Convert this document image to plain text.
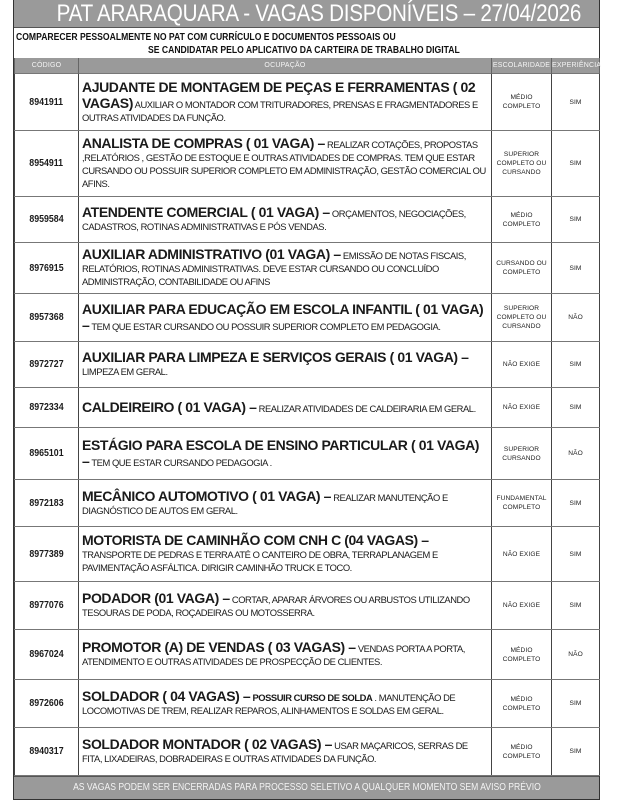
PAT ARARAQUARA - VAGAS DISPONÍVEIS – 27/04/2026
COMPARECER PESSOALMENTE NO PAT COM CURRÍCULO E DOCUMENTOS PESSOAIS OU
SE CANDIDATAR PELO APLICATIVO DA CARTEIRA DE TRABALHO DIGITAL
CÓDIGO	OCUPAÇÃO	ESCOLARIDADE	EXPERIÊNCIA
8941911	AJUDANTE DE MONTAGEM DE PEÇAS E FERRAMENTAS ( 02 VAGAS) AUXILIAR O MONTADOR COM TRITURADORES, PRENSAS E FRAGMENTADORES E OUTRAS ATIVIDADES DA FUNÇÃO.	MÉDIO COMPLETO	SIM
8954911	ANALISTA DE COMPRAS ( 01 VAGA) – REALIZAR COTAÇÕES, PROPOSTAS ,RELATÓRIOS , GESTÃO DE ESTOQUE E OUTRAS ATIVIDADES DE COMPRAS. TEM QUE ESTAR CURSANDO OU POSSUIR SUPERIOR COMPLETO EM ADMINISTRAÇÃO, GESTÃO COMERCIAL OU AFINS.	SUPERIOR COMPLETO OU CURSANDO	SIM
8959584	ATENDENTE COMERCIAL ( 01 VAGA) – ORÇAMENTOS, NEGOCIAÇÕES, CADASTROS, ROTINAS ADMINISTRATIVAS E PÓS VENDAS.	MÉDIO COMPLETO	SIM
8976915	AUXILIAR ADMINISTRATIVO (01 VAGA) – EMISSÃO DE NOTAS FISCAIS, RELATÓRIOS, ROTINAS ADMINISTRATIVAS. DEVE ESTAR CURSANDO OU CONCLUÍDO ADMINISTRAÇÃO, CONTABILIDADE OU AFINS	CURSANDO OU COMPLETO	SIM
8957368	AUXILIAR PARA EDUCAÇÃO EM ESCOLA INFANTIL ( 01 VAGA) – TEM QUE ESTAR CURSANDO OU POSSUIR SUPERIOR COMPLETO EM PEDAGOGIA.	SUPERIOR COMPLETO OU CURSANDO	NÃO
8972727	AUXILIAR PARA LIMPEZA E SERVIÇOS GERAIS ( 01 VAGA) – LIMPEZA EM GERAL.	NÃO EXIGE	SIM
8972334	CALDEIREIRO ( 01 VAGA) – REALIZAR ATIVIDADES DE CALDEIRARIA EM GERAL.	NÃO EXIGE	SIM
8965101	ESTÁGIO PARA ESCOLA DE ENSINO PARTICULAR ( 01 VAGA) – TEM QUE ESTAR CURSANDO PEDAGOGIA .	SUPERIOR CURSANDO	NÃO
8972183	MECÂNICO AUTOMOTIVO ( 01 VAGA) – REALIZAR MANUTENÇÃO E DIAGNÓSTICO DE AUTOS EM GERAL.	FUNDAMENTAL COMPLETO	SIM
8977389	MOTORISTA DE CAMINHÃO COM CNH C (04 VAGAS) – TRANSPORTE DE PEDRAS E TERRA ATÉ O CANTEIRO DE OBRA, TERRAPLANAGEM E PAVIMENTAÇÃO ASFÁLTICA. DIRIGIR CAMINHÃO TRUCK E TOCO.	NÃO EXIGE	SIM
8977076	PODADOR (01 VAGA) – CORTAR, APARAR ÁRVORES OU ARBUSTOS UTILIZANDO TESOURAS DE PODA, ROÇADEIRAS OU MOTOSSERRA.	NÃO EXIGE	SIM
8967024	PROMOTOR (A) DE VENDAS ( 03 VAGAS) – VENDAS PORTA A PORTA, ATENDIMENTO E OUTRAS ATIVIDADES DE PROSPECÇÃO DE CLIENTES.	MÉDIO COMPLETO	NÃO
8972606	SOLDADOR ( 04 VAGAS) – POSSUIR CURSO DE SOLDA . MANUTENÇÃO DE LOCOMOTIVAS DE TREM, REALIZAR REPAROS, ALINHAMENTOS E SOLDAS EM GERAL.	MÉDIO COMPLETO	SIM
8940317	SOLDADOR MONTADOR ( 02 VAGAS) – USAR MAÇARICOS, SERRAS DE FITA, LIXADEIRAS, DOBRADEIRAS E OUTRAS ATIVIDADES DA FUNÇÃO.	MÉDIO COMPLETO	SIM
AS VAGAS PODEM SER ENCERRADAS PARA PROCESSO SELETIVO A QUALQUER MOMENTO SEM AVISO PRÉVIO
